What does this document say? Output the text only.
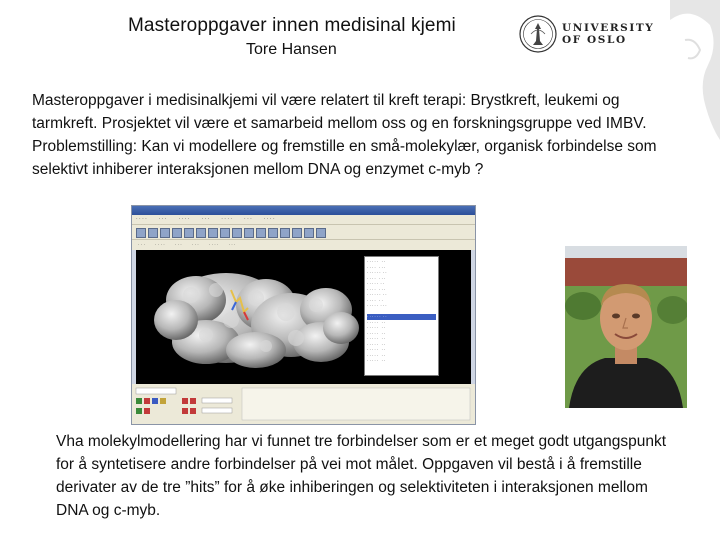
Masteroppgaver innen medisinal kjemi
Tore Hansen
UNIVERSITY
OF OSLO
Masteroppgaver i medisinalkjemi vil være relatert til kreft terapi: Brystkreft, leukemi og tarmkreft. Prosjektet vil være et samarbeid mellom oss og en forskningsgruppe ved IMBV. Problemstilling: Kan vi modellere og fremstille en små-molekylær, organisk forbindelse som selektivt inhiberer interaksjonen mellom DNA og enzymet c-myb ?
· · · · · · · · · · · · · · · · · · · · · · · · ·
· · · · · · · · · · · · · · · · · · · ·
· · · · ·   · ·
· · · ·   · · ·
· · · · · ·  · ·
· · · ·   · · ·
· · · · ·  · ·
· · · ·   · · ·
· · · · · ·  · ·
· · · ·   · ·
· · · · ·  · · ·

· · · · · ·  · ·
· · · · ·   · ·
· · · · ·   · ·
· · · · ·   · ·
· · · · ·   · ·
· · · · ·   · ·
· · · · ·   · ·
· · · · ·   · ·
· · · · ·   · ·
Vha molekylmodellering har vi funnet tre forbindelser som er et meget godt utgangspunkt for å syntetisere andre forbindelser på vei mot målet. Oppgaven vil bestå i å fremstille derivater av de tre ”hits” for å øke inhiberingen og selektiviteten i interaksjonen mellom DNA og c-myb.
